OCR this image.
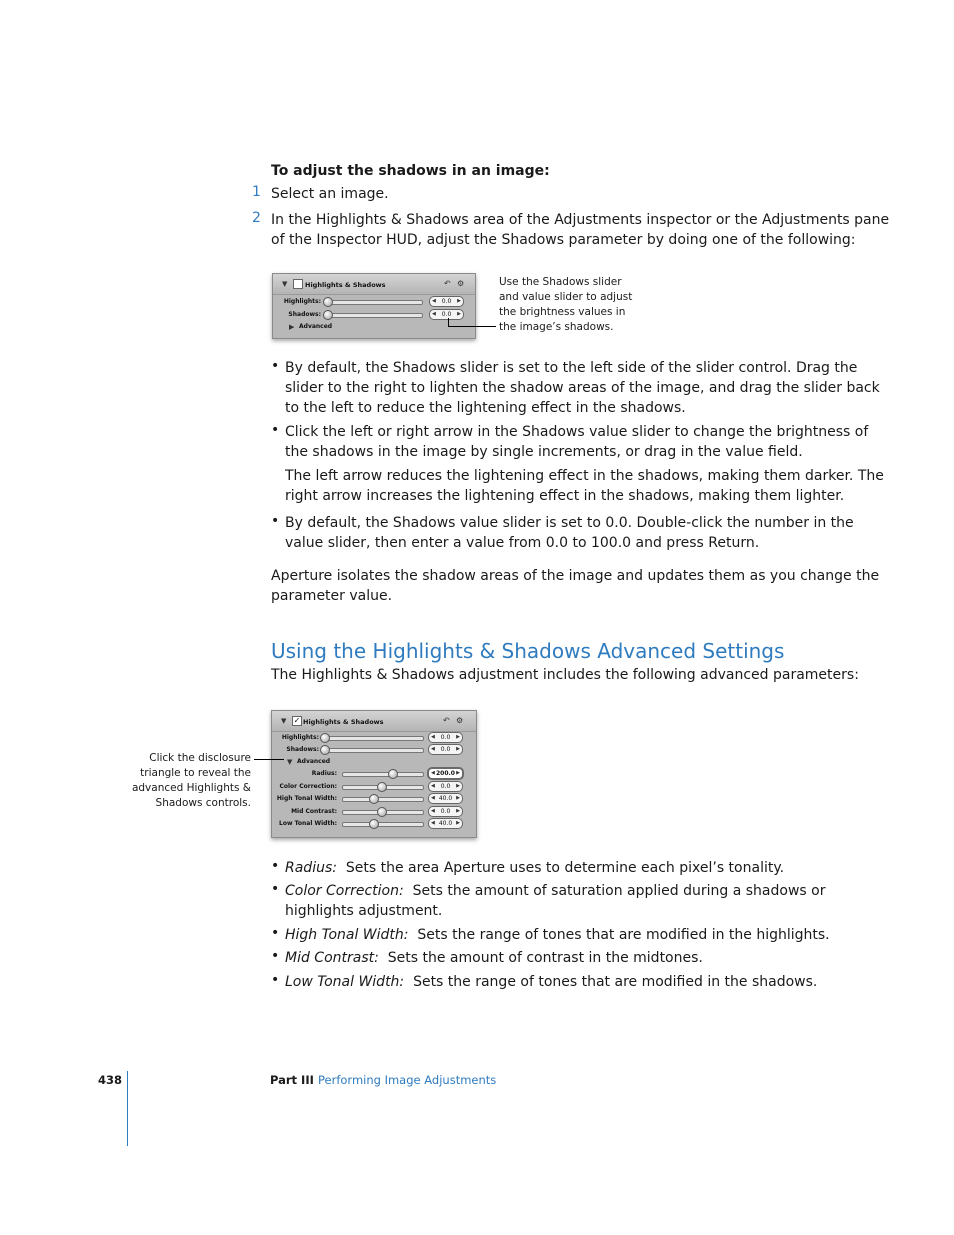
To adjust the shadows in an image:
1 Select an image.
2 In the Highlights & Shadows area of the Adjustments inspector or the Adjustments pane
of the Inspector HUD, adjust the Shadows parameter by doing one of the following:
▼	Highlights & Shadows	↶ ⚙
Highlights:	◀ 0.0 ▶
Shadows:	◀ 0.0 ▶
▶ Advanced
Use the Shadows slider
and value slider to adjust
the brightness values in
the image’s shadows.
• By default, the Shadows slider is set to the left side of the slider control. Drag the
slider to the right to lighten the shadow areas of the image, and drag the slider back
to the left to reduce the lightening effect in the shadows.
• Click the left or right arrow in the Shadows value slider to change the brightness of
the shadows in the image by single increments, or drag in the value field.
The left arrow reduces the lightening effect in the shadows, making them darker. The
right arrow increases the lightening effect in the shadows, making them lighter.
• By default, the Shadows value slider is set to 0.0. Double-click the number in the
value slider, then enter a value from 0.0 to 100.0 and press Return.
Aperture isolates the shadow areas of the image and updates them as you change the
parameter value.
Using the Highlights & Shadows Advanced Settings
The Highlights & Shadows adjustment includes the following advanced parameters:
▼ ✓ Highlights & Shadows	↶ ⚙
Highlights:	◀ 0.0 ▶
Shadows:	◀ 0.0 ▶
▼ Advanced
Radius:	◀ 200.0 ▶
Color Correction:	◀ 0.0 ▶
High Tonal Width:	◀ 40.0 ▶
Mid Contrast:	◀ 0.0 ▶
Low Tonal Width:	◀ 40.0 ▶
Click the disclosure
triangle to reveal the
advanced Highlights &
Shadows controls.
• Radius: Sets the area Aperture uses to determine each pixel’s tonality.
• Color Correction: Sets the amount of saturation applied during a shadows or
highlights adjustment.
• High Tonal Width: Sets the range of tones that are modified in the highlights.
• Mid Contrast: Sets the amount of contrast in the midtones.
• Low Tonal Width: Sets the range of tones that are modified in the shadows.
438	Part III Performing Image Adjustments
